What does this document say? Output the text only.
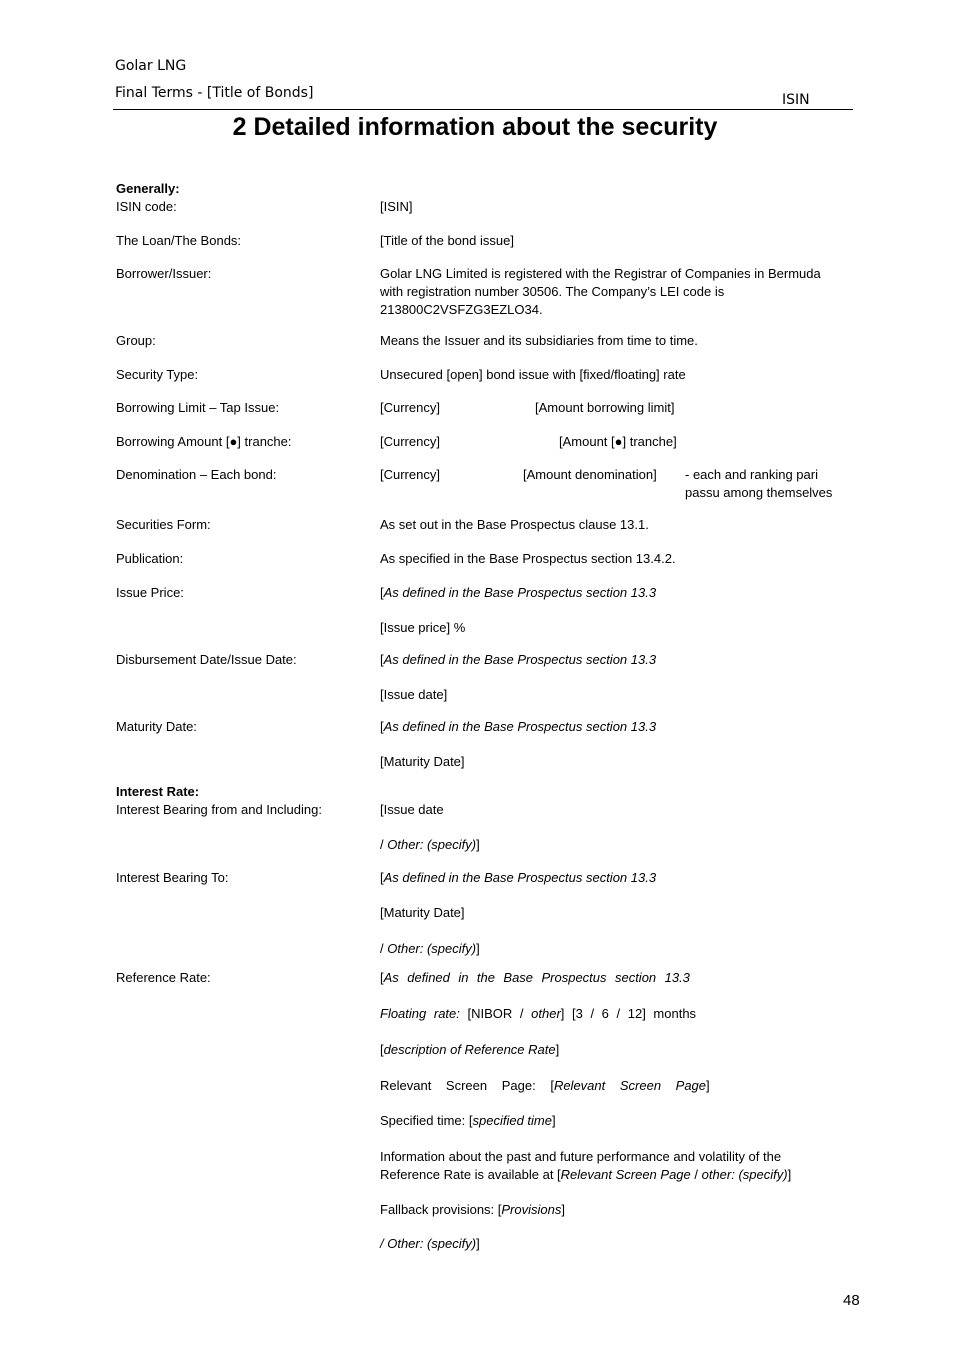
Golar LNG
Final Terms - [Title of Bonds]	ISIN
2 Detailed information about the security
Generally:
ISIN code:	[ISIN]
The Loan/The Bonds:	[Title of the bond issue]
Borrower/Issuer:	Golar LNG Limited is registered with the Registrar of Companies in Bermuda with registration number 30506. The Company’s LEI code is 213800C2VSFZG3EZLO34.
Group:	Means the Issuer and its subsidiaries from time to time.
Security Type:	Unsecured [open] bond issue with [fixed/floating] rate
Borrowing Limit – Tap Issue:	[Currency]	[Amount borrowing limit]
Borrowing Amount [●] tranche:	[Currency]	[Amount [●] tranche]
Denomination – Each bond:	[Currency]	[Amount denomination] - each and ranking pari passu among themselves
Securities Form:	As set out in the Base Prospectus clause 13.1.
Publication:	As specified in the Base Prospectus section 13.4.2.
Issue Price:	[As defined in the Base Prospectus section 13.3
[Issue price] %
Disbursement Date/Issue Date:	[As defined in the Base Prospectus section 13.3
[Issue date]
Maturity Date:	[As defined in the Base Prospectus section 13.3
[Maturity Date]
Interest Rate:
Interest Bearing from and Including:	[Issue date
/ Other: (specify)]
Interest Bearing To:	[As defined in the Base Prospectus section 13.3
[Maturity Date]
/ Other: (specify)]
Reference Rate:	[As defined in the Base Prospectus section 13.3
Floating rate: [NIBOR / other] [3 / 6 / 12] months
[description of Reference Rate]
Relevant Screen Page: [Relevant Screen Page]
Specified time: [specified time]
Information about the past and future performance and volatility of the Reference Rate is available at [Relevant Screen Page / other: (specify)]
Fallback provisions: [Provisions]
/ Other: (specify)]
48
